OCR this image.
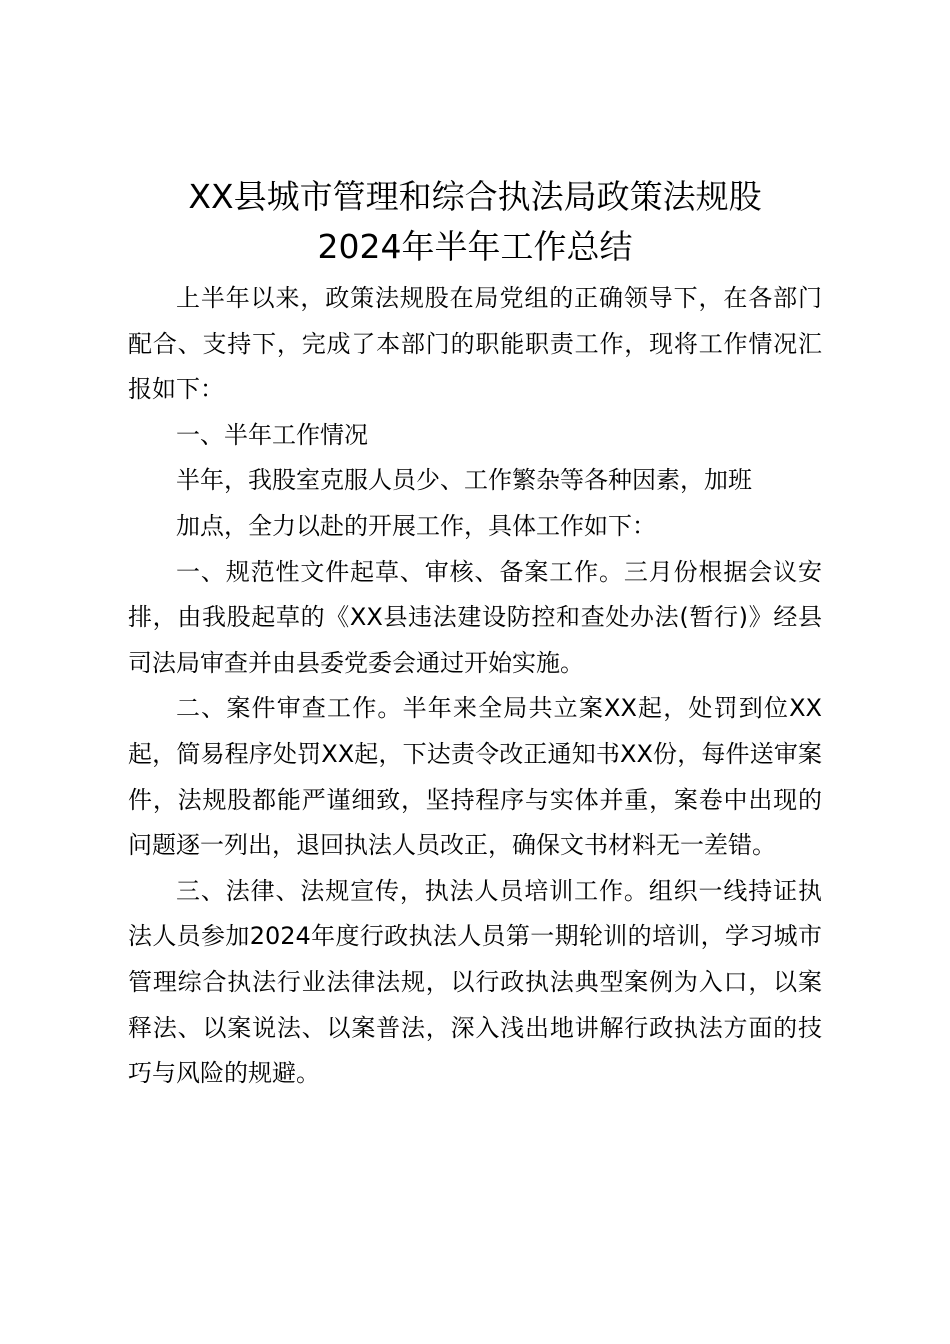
XX县城市管理和综合执法局政策法规股
2024年半年工作总结

上半年以来，政策法规股在局党组的正确领导下，在各部门配合、支持下，完成了本部门的职能职责工作，现将工作情况汇报如下：

一、半年工作情况

半年，我股室克服人员少、工作繁杂等各种因素，加班

加点，全力以赴的开展工作，具体工作如下：

一、规范性文件起草、审核、备案工作。三月份根据会议安排，由我股起草的《XX县违法建设防控和查处办法(暂行)》经县司法局审查并由县委党委会通过开始实施。

二、案件审查工作。半年来全局共立案XX起，处罚到位XX起，简易程序处罚XX起，下达责令改正通知书XX份，每件送审案件，法规股都能严谨细致，坚持程序与实体并重，案卷中出现的问题逐一列出，退回执法人员改正，确保文书材料无一差错。

三、法律、法规宣传，执法人员培训工作。组织一线持证执法人员参加2024年度行政执法人员第一期轮训的培训，学习城市管理综合执法行业法律法规，以行政执法典型案例为入口，以案释法、以案说法、以案普法，深入浅出地讲解行政执法方面的技巧与风险的规避。
